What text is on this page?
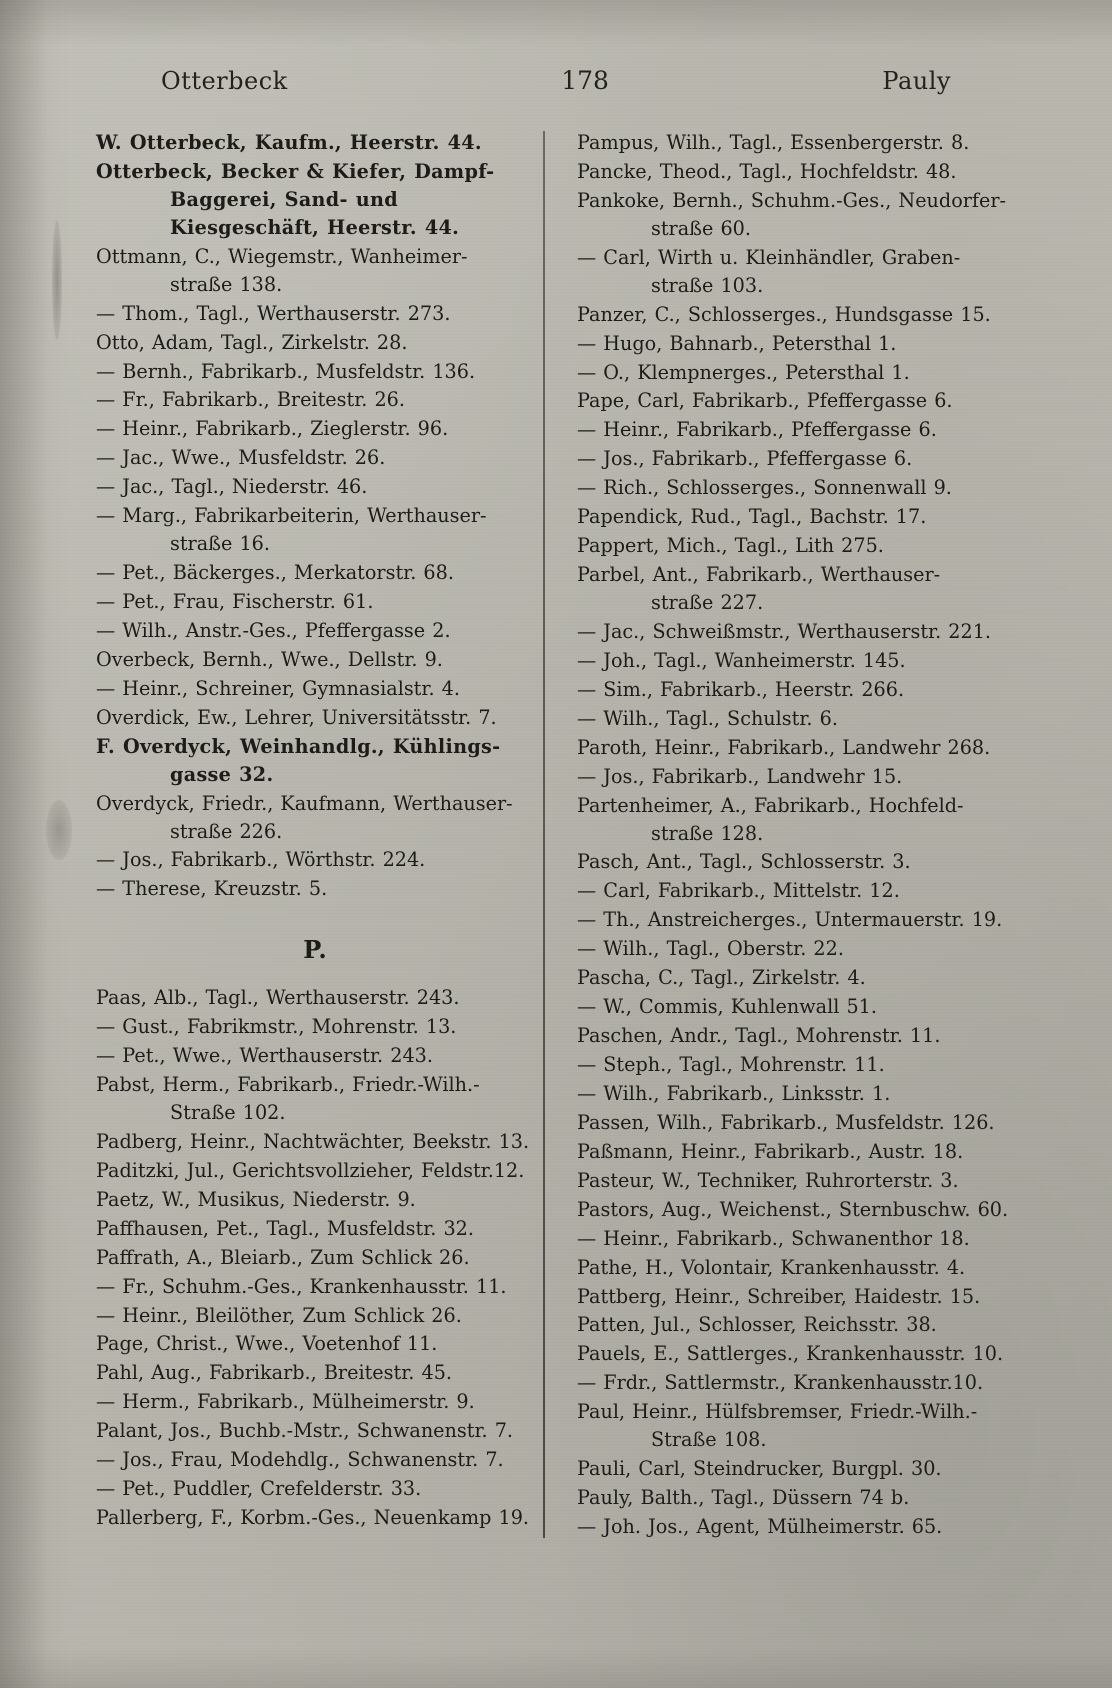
Otterbeck	178	Pauly

W. Otterbeck, Kaufm., Heerstr. 44.

Otterbeck, Becker & Kiefer, Dampf-
Baggerei, Sand- und Kiesgeschäft, Heerstr. 44.

Ottmann, C., Wiegemstr., Wanheimer-
straße 138.

— Thom., Tagl., Werthauserstr. 273.

Otto, Adam, Tagl., Zirkelstr. 28.

— Bernh., Fabrikarb., Musfeldstr. 136.

— Fr., Fabrikarb., Breitestr. 26.

— Heinr., Fabrikarb., Zieglerstr. 96.

— Jac., Wwe., Musfeldstr. 26.

— Jac., Tagl., Niederstr. 46.

— Marg., Fabrikarbeiterin, Werthauser-
straße 16.

— Pet., Bäckerges., Merkatorstr. 68.

— Pet., Frau, Fischerstr. 61.

— Wilh., Anstr.-Ges., Pfeffergasse 2.

Overbeck, Bernh., Wwe., Dellstr. 9.

— Heinr., Schreiner, Gymnasialstr. 4.

Overdick, Ew., Lehrer, Universitätsstr. 7.

F. Overdyck, Weinhandlg., Kühlings-
gasse 32.

Overdyck, Friedr., Kaufmann, Werthauser-
straße 226.

— Jos., Fabrikarb., Wörthstr. 224.

— Therese, Kreuzstr. 5.

P.

Paas, Alb., Tagl., Werthauserstr. 243.

— Gust., Fabrikmstr., Mohrenstr. 13.

— Pet., Wwe., Werthauserstr. 243.

Pabst, Herm., Fabrikarb., Friedr.-Wilh.-
Straße 102.

Padberg, Heinr., Nachtwächter, Beekstr. 13.

Paditzki, Jul., Gerichtsvollzieher, Feldstr.12.

Paetz, W., Musikus, Niederstr. 9.

Paffhausen, Pet., Tagl., Musfeldstr. 32.

Paffrath, A., Bleiarb., Zum Schlick 26.

— Fr., Schuhm.-Ges., Krankenhausstr. 11.

— Heinr., Bleilöther, Zum Schlick 26.

Page, Christ., Wwe., Voetenhof 11.

Pahl, Aug., Fabrikarb., Breitestr. 45.

— Herm., Fabrikarb., Mülheimerstr. 9.

Palant, Jos., Buchb.-Mstr., Schwanenstr. 7.

— Jos., Frau, Modehdlg., Schwanenstr. 7.

— Pet., Puddler, Crefelderstr. 33.

Pallerberg, F., Korbm.-Ges., Neuenkamp 19.

Pampus, Wilh., Tagl., Essenbergerstr. 8.

Pancke, Theod., Tagl., Hochfeldstr. 48.

Pankoke, Bernh., Schuhm.-Ges., Neudorfer-
straße 60.

— Carl, Wirth u. Kleinhändler, Graben-
straße 103.

Panzer, C., Schlosserges., Hundsgasse 15.

— Hugo, Bahnarb., Petersthal 1.

— O., Klempnerges., Petersthal 1.

Pape, Carl, Fabrikarb., Pfeffergasse 6.

— Heinr., Fabrikarb., Pfeffergasse 6.

— Jos., Fabrikarb., Pfeffergasse 6.

— Rich., Schlosserges., Sonnenwall 9.

Papendick, Rud., Tagl., Bachstr. 17.

Pappert, Mich., Tagl., Lith 275.

Parbel, Ant., Fabrikarb., Werthauser-
straße 227.

— Jac., Schweißmstr., Werthauserstr. 221.

— Joh., Tagl., Wanheimerstr. 145.

— Sim., Fabrikarb., Heerstr. 266.

— Wilh., Tagl., Schulstr. 6.

Paroth, Heinr., Fabrikarb., Landwehr 268.

— Jos., Fabrikarb., Landwehr 15.

Partenheimer, A., Fabrikarb., Hochfeld-
straße 128.

Pasch, Ant., Tagl., Schlosserstr. 3.

— Carl, Fabrikarb., Mittelstr. 12.

— Th., Anstreicherges., Untermauerstr. 19.

— Wilh., Tagl., Oberstr. 22.

Pascha, C., Tagl., Zirkelstr. 4.

— W., Commis, Kuhlenwall 51.

Paschen, Andr., Tagl., Mohrenstr. 11.

— Steph., Tagl., Mohrenstr. 11.

— Wilh., Fabrikarb., Linksstr. 1.

Passen, Wilh., Fabrikarb., Musfeldstr. 126.

Paßmann, Heinr., Fabrikarb., Austr. 18.

Pasteur, W., Techniker, Ruhrorterstr. 3.

Pastors, Aug., Weichenst., Sternbuschw. 60.

— Heinr., Fabrikarb., Schwanenthor 18.

Pathe, H., Volontair, Krankenhausstr. 4.

Pattberg, Heinr., Schreiber, Haidestr. 15.

Patten, Jul., Schlosser, Reichsstr. 38.

Pauels, E., Sattlerges., Krankenhausstr. 10.

— Frdr., Sattlermstr., Krankenhausstr.10.

Paul, Heinr., Hülfsbremser, Friedr.-Wilh.-
Straße 108.

Pauli, Carl, Steindrucker, Burgpl. 30.

Pauly, Balth., Tagl., Düssern 74 b.

— Joh. Jos., Agent, Mülheimerstr. 65.
